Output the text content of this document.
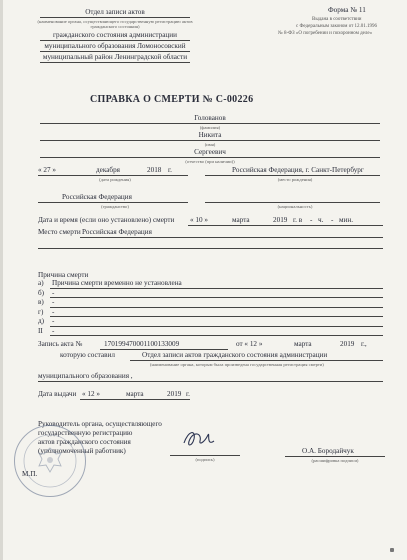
Отдел записи актов
(наименование органа, осуществляющего государственную регистрацию актов гражданского состояния)
гражданского состояния администрации
муниципального образования Ломоносовский
муниципальный район Ленинградской области
Форма № 11
Выдана в соответствии
с Федеральным законом от 12.01.1996
№ 8-ФЗ «О погребении и похоронном деле»
СПРАВКА О СМЕРТИ № С-00226
Голованов
(фамилия)
Никита
(имя)
Сергеевич
(отчество (при наличии))
« 27 »	декабря	2018 г.
(дата рождения)
Российская Федерация, г. Санкт-Петербург
(место рождения)
Российская Федерация
(гражданство)	(национальность)
Дата и время (если оно установлено) смерти « 10 »	марта	2019 г. в - ч. - мин.
Место смерти Российская Федерация
Причина смерти
а) Причина смерти временно не установлена
б) -
в) -
г) -
д) -
II -
Запись акта №	170199470001100133009	от « 12 »	марта	2019 г.,
которую составил	Отдел записи актов гражданского состояния администрации
(наименование органа, которым была произведена государственная регистрация смерти)
муниципального образования ,
Дата выдачи « 12 »	марта	2019 г.
Руководитель органа, осуществляющего
государственную регистрацию
актов гражданского состояния
(уполномоченный работник)
М.П.
(подпись)
О.А. Бородайчук
(расшифровка подписи)
